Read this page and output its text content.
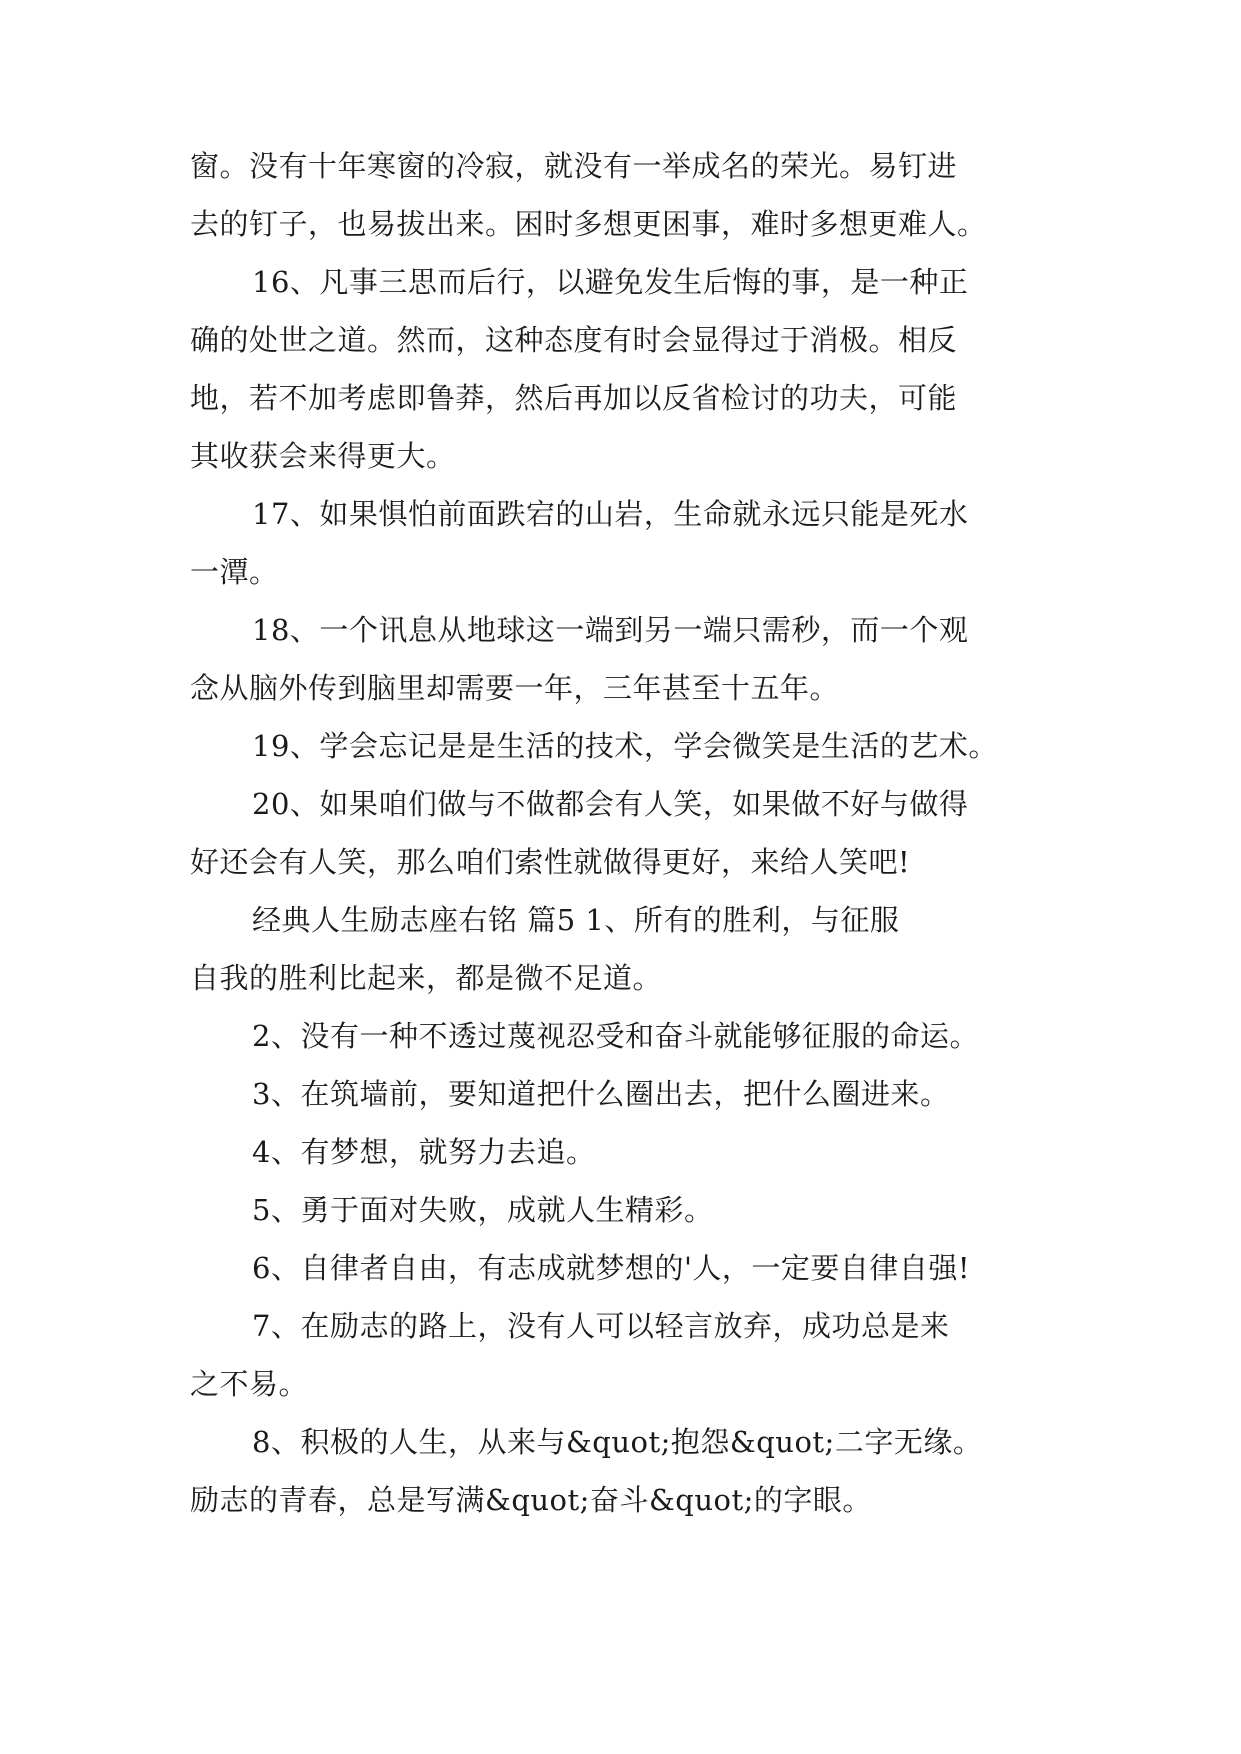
窗。没有十年寒窗的冷寂，就没有一举成名的荣光。易钉进
去的钉子，也易拔出来。困时多想更困事，难时多想更难人。
16、凡事三思而后行，以避免发生后悔的事，是一种正
确的处世之道。然而，这种态度有时会显得过于消极。相反
地，若不加考虑即鲁莽，然后再加以反省检讨的功夫，可能
其收获会来得更大。
17、如果惧怕前面跌宕的山岩，生命就永远只能是死水
一潭。
18、一个讯息从地球这一端到另一端只需秒，而一个观
念从脑外传到脑里却需要一年，三年甚至十五年。
19、学会忘记是是生活的技术，学会微笑是生活的艺术。
20、如果咱们做与不做都会有人笑，如果做不好与做得
好还会有人笑，那么咱们索性就做得更好，来给人笑吧!
经典人生励志座右铭 篇5 1、所有的胜利，与征服
自我的胜利比起来，都是微不足道。
2、没有一种不透过蔑视忍受和奋斗就能够征服的命运。
3、在筑墙前，要知道把什么圈出去，把什么圈进来。
4、有梦想，就努力去追。
5、勇于面对失败，成就人生精彩。
6、自律者自由，有志成就梦想的'人，一定要自律自强!
7、在励志的路上，没有人可以轻言放弃，成功总是来
之不易。
8、积极的人生，从来与&quot;抱怨&quot;二字无缘。
励志的青春，总是写满&quot;奋斗&quot;的字眼。
